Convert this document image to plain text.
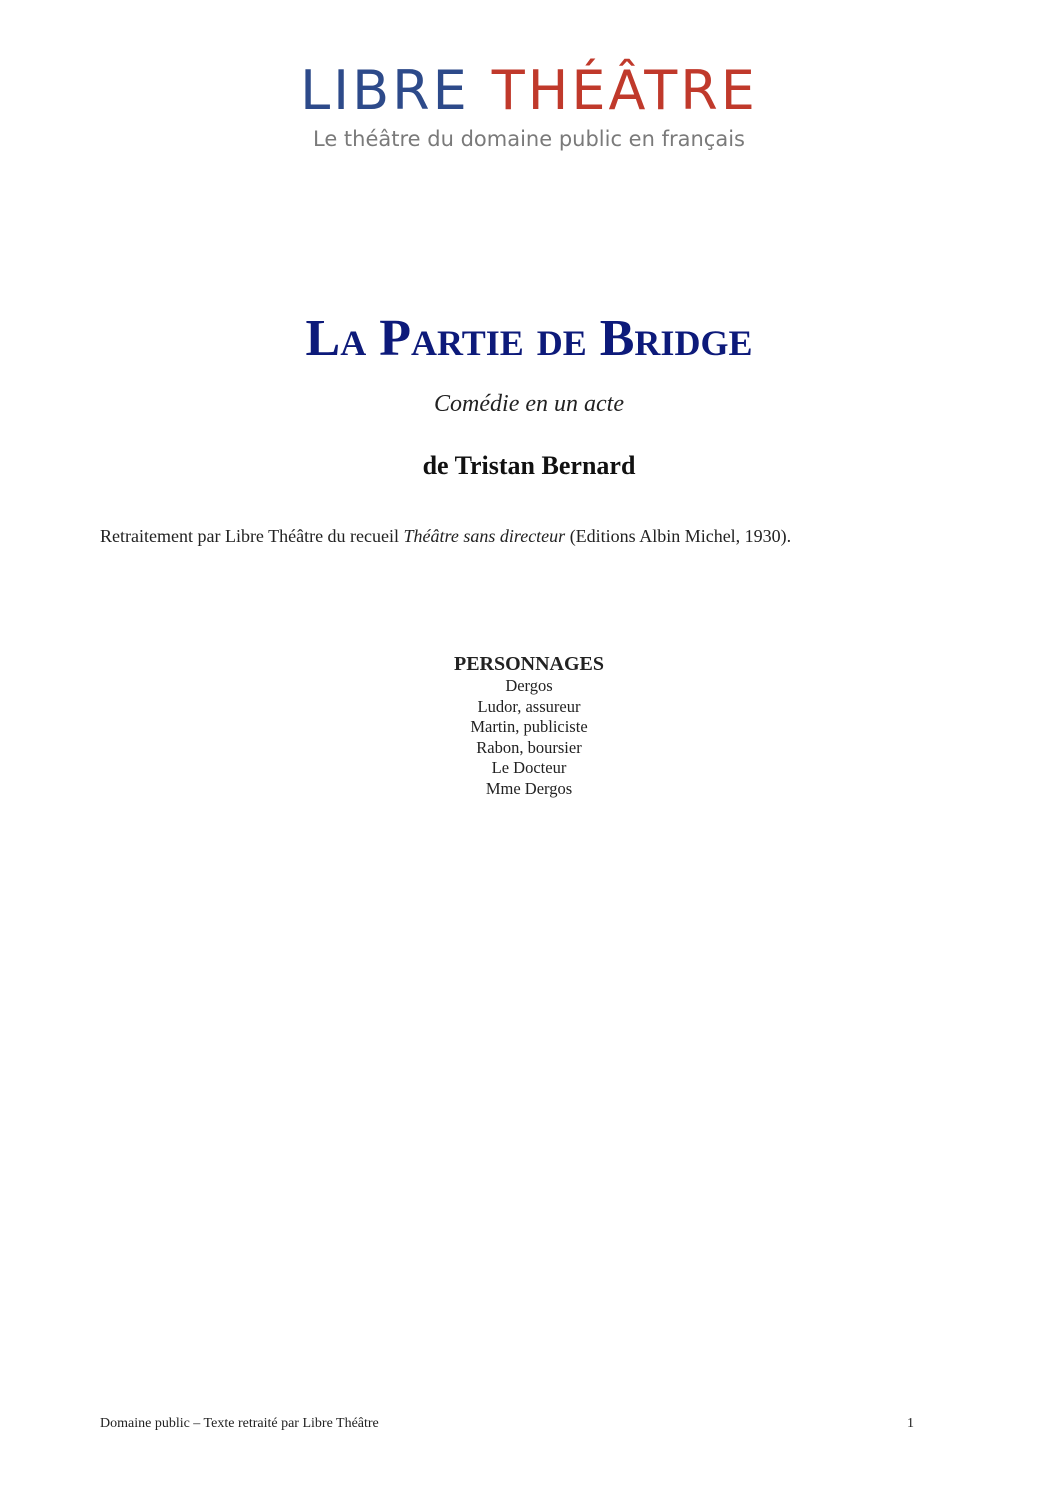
LIBRE THÉÂTRE
Le théâtre du domaine public en français
La Partie de Bridge
Comédie en un acte
de Tristan Bernard

Retraitement par Libre Théâtre du recueil Théâtre sans directeur (Editions Albin Michel, 1930).

PERSONNAGES
Dergos
Ludor, assureur
Martin, publiciste
Rabon, boursier
Le Docteur
Mme Dergos
Domaine public – Texte retraité par Libre Théâtre	1
